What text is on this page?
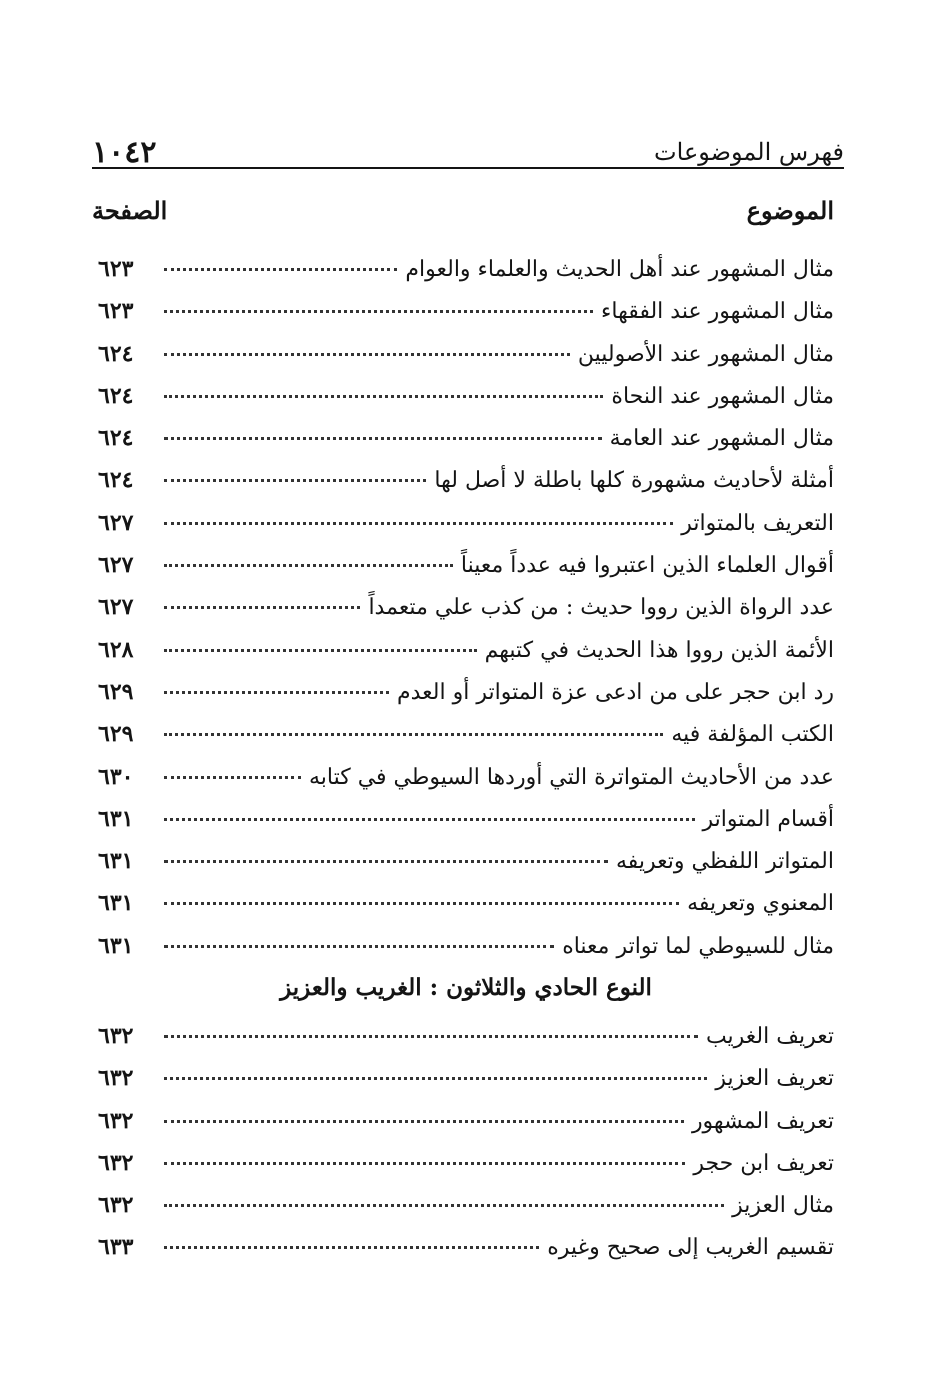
فهرس الموضوعات
١٠٤٢
الموضوع
الصفحة
مثال المشهور عند أهل الحديث والعلماء والعوام
٦٢٣
مثال المشهور عند الفقهاء
٦٢٣
مثال المشهور عند الأصوليين
٦٢٤
مثال المشهور عند النحاة
٦٢٤
مثال المشهور عند العامة
٦٢٤
أمثلة لأحاديث مشهورة كلها باطلة لا أصل لها
٦٢٤
التعريف بالمتواتر
٦٢٧
أقوال العلماء الذين اعتبروا فيه عدداً معيناً
٦٢٧
عدد الرواة الذين رووا حديث : من كذب علي متعمداً
٦٢٧
الأئمة الذين رووا هذا الحديث في كتبهم
٦٢٨
رد ابن حجر على من ادعى عزة المتواتر أو العدم
٦٢٩
الكتب المؤلفة فيه
٦٢٩
عدد من الأحاديث المتواترة التي أوردها السيوطي في كتابه
٦٣٠
أقسام المتواتر
٦٣١
المتواتر اللفظي وتعريفه
٦٣١
المعنوي وتعريفه
٦٣١
مثال للسيوطي لما تواتر معناه
٦٣١
النوع الحادي والثلاثون : الغريب والعزيز
تعريف الغريب
٦٣٢
تعريف العزيز
٦٣٢
تعريف المشهور
٦٣٢
تعريف ابن حجر
٦٣٢
مثال العزيز
٦٣٢
تقسيم الغريب إلى صحيح وغيره
٦٣٣
